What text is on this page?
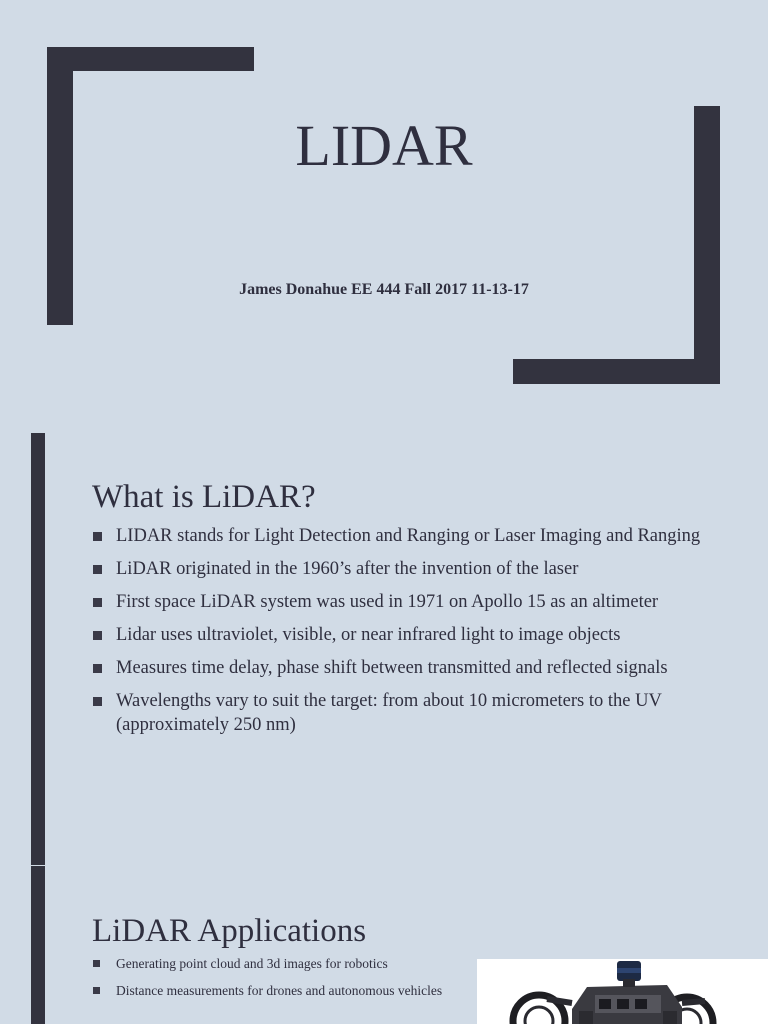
LIDAR
James Donahue EE 444 Fall 2017 11-13-17
What is LiDAR?
LIDAR stands for Light Detection and Ranging or Laser Imaging and Ranging
LiDAR originated in the 1960’s after the invention of the laser
First space LiDAR system was used in 1971 on Apollo 15 as an altimeter
Lidar uses ultraviolet, visible, or near infrared light to image objects
Measures time delay, phase shift between transmitted and reflected signals
Wavelengths vary to suit the target: from about 10 micrometers to the UV (approximately 250 nm)
LiDAR Applications
Generating point cloud and 3d images for robotics
Distance measurements for drones and autonomous vehicles
